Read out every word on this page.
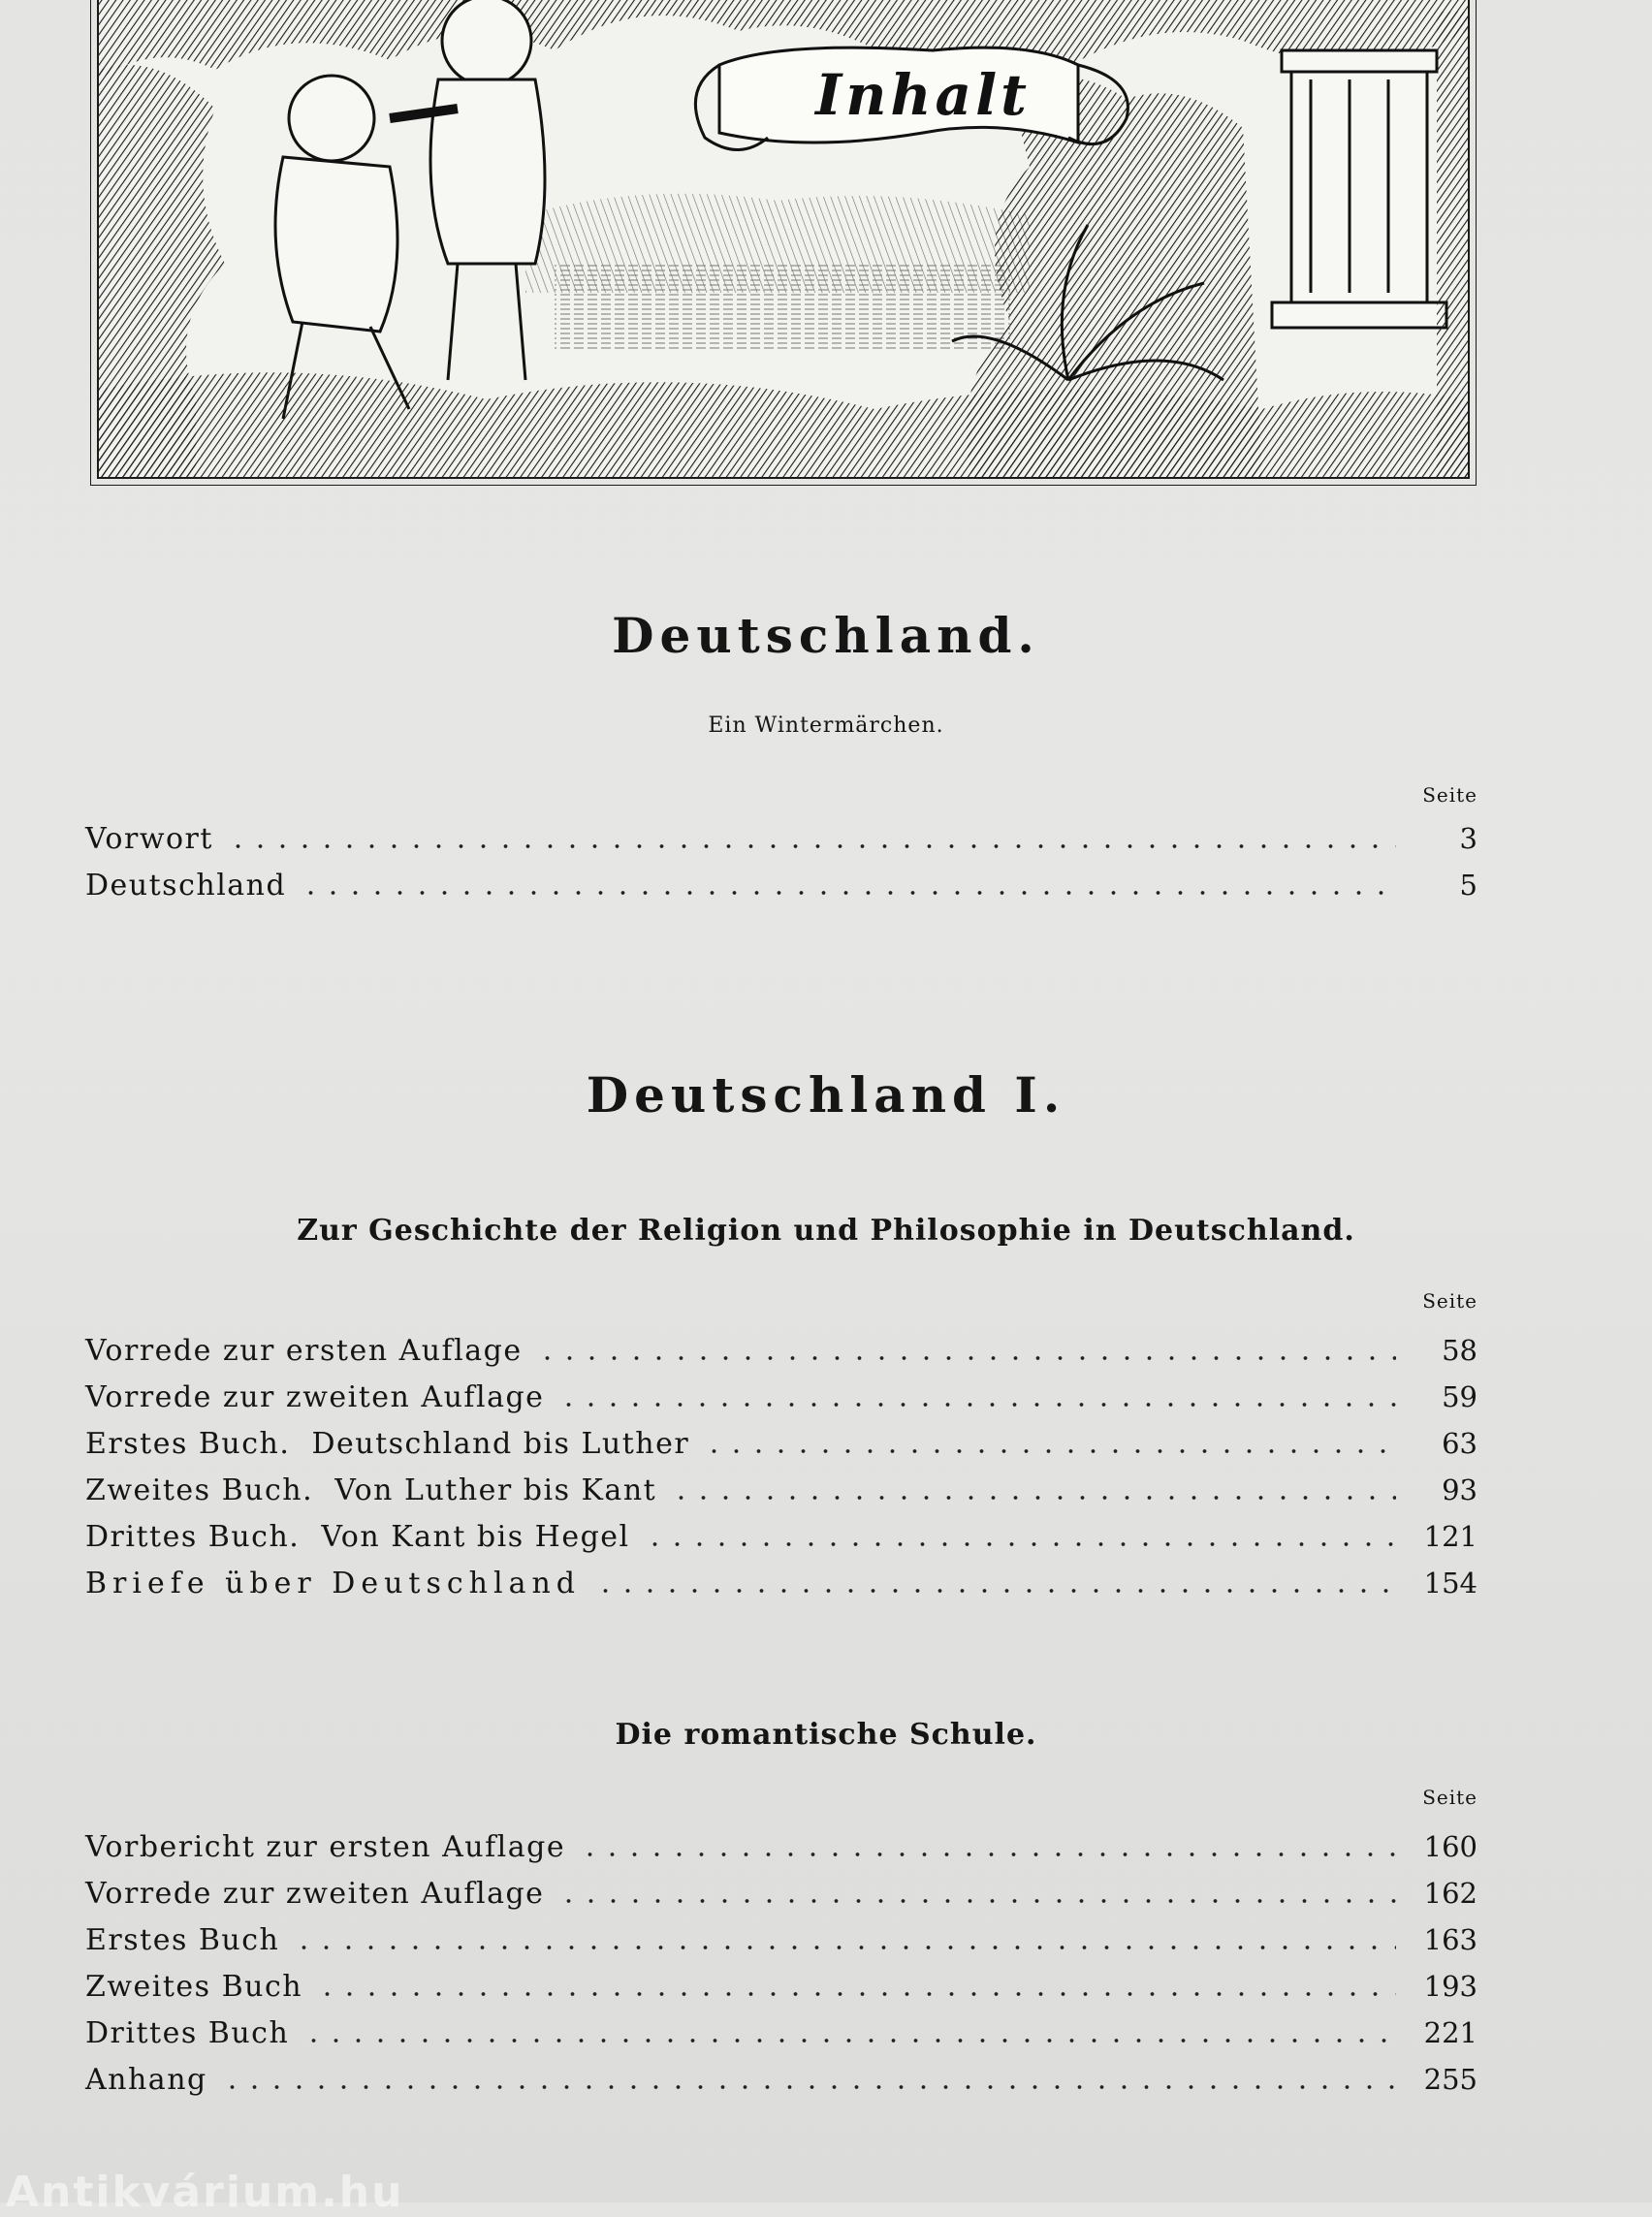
Inhalt
Deutschland.
Ein Wintermärchen.
Seite
Vorwort	3
Deutschland	5
Deutschland I.
Zur Geschichte der Religion und Philosophie in Deutschland.
Seite
Vorrede zur ersten Auflage	58
Vorrede zur zweiten Auflage	59
Erstes Buch.  Deutschland bis Luther	63
Zweites Buch.  Von Luther bis Kant	93
Drittes Buch.  Von Kant bis Hegel	121
Briefe über Deutschland	154
Die romantische Schule.
Seite
Vorbericht zur ersten Auflage	160
Vorrede zur zweiten Auflage	162
Erstes Buch	163
Zweites Buch	193
Drittes Buch	221
Anhang	255
Antikvárium.hu
